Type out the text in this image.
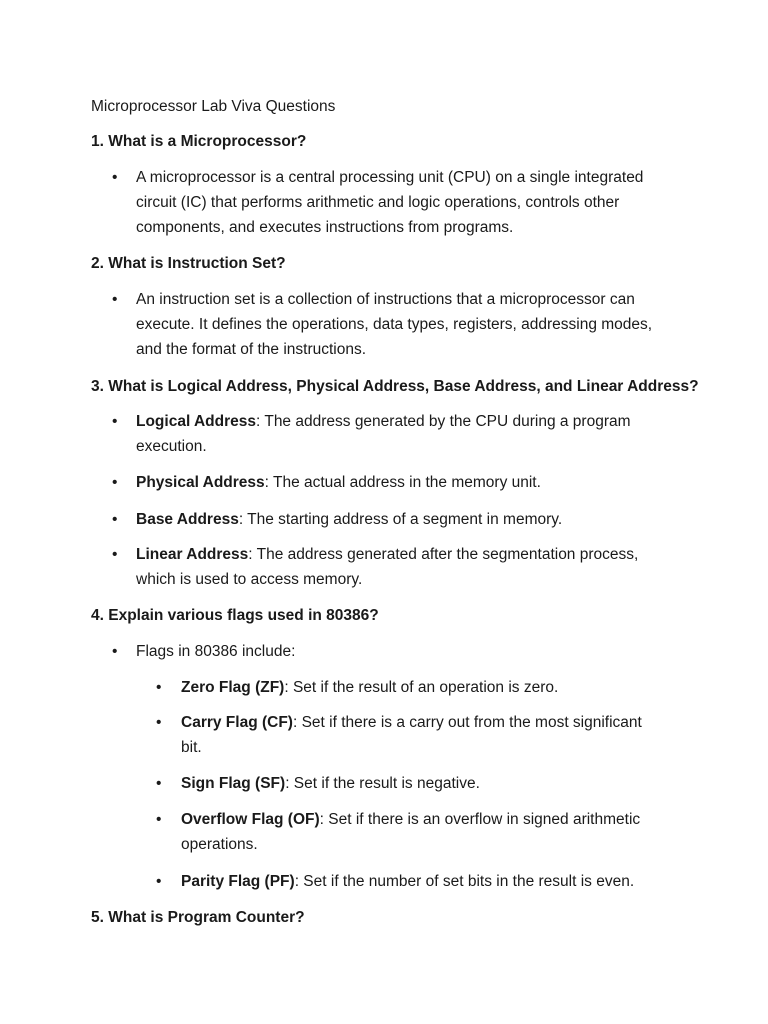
Microprocessor Lab Viva Questions

1. What is a Microprocessor?

• A microprocessor is a central processing unit (CPU) on a single integrated circuit (IC) that performs arithmetic and logic operations, controls other components, and executes instructions from programs.

2. What is Instruction Set?

• An instruction set is a collection of instructions that a microprocessor can execute. It defines the operations, data types, registers, addressing modes, and the format of the instructions.

3. What is Logical Address, Physical Address, Base Address, and Linear Address?

• Logical Address: The address generated by the CPU during a program execution.
• Physical Address: The actual address in the memory unit.
• Base Address: The starting address of a segment in memory.
• Linear Address: The address generated after the segmentation process, which is used to access memory.

4. Explain various flags used in 80386?

• Flags in 80386 include:
• Zero Flag (ZF): Set if the result of an operation is zero.
• Carry Flag (CF): Set if there is a carry out from the most significant bit.
• Sign Flag (SF): Set if the result is negative.
• Overflow Flag (OF): Set if there is an overflow in signed arithmetic operations.
• Parity Flag (PF): Set if the number of set bits in the result is even.

5. What is Program Counter?
